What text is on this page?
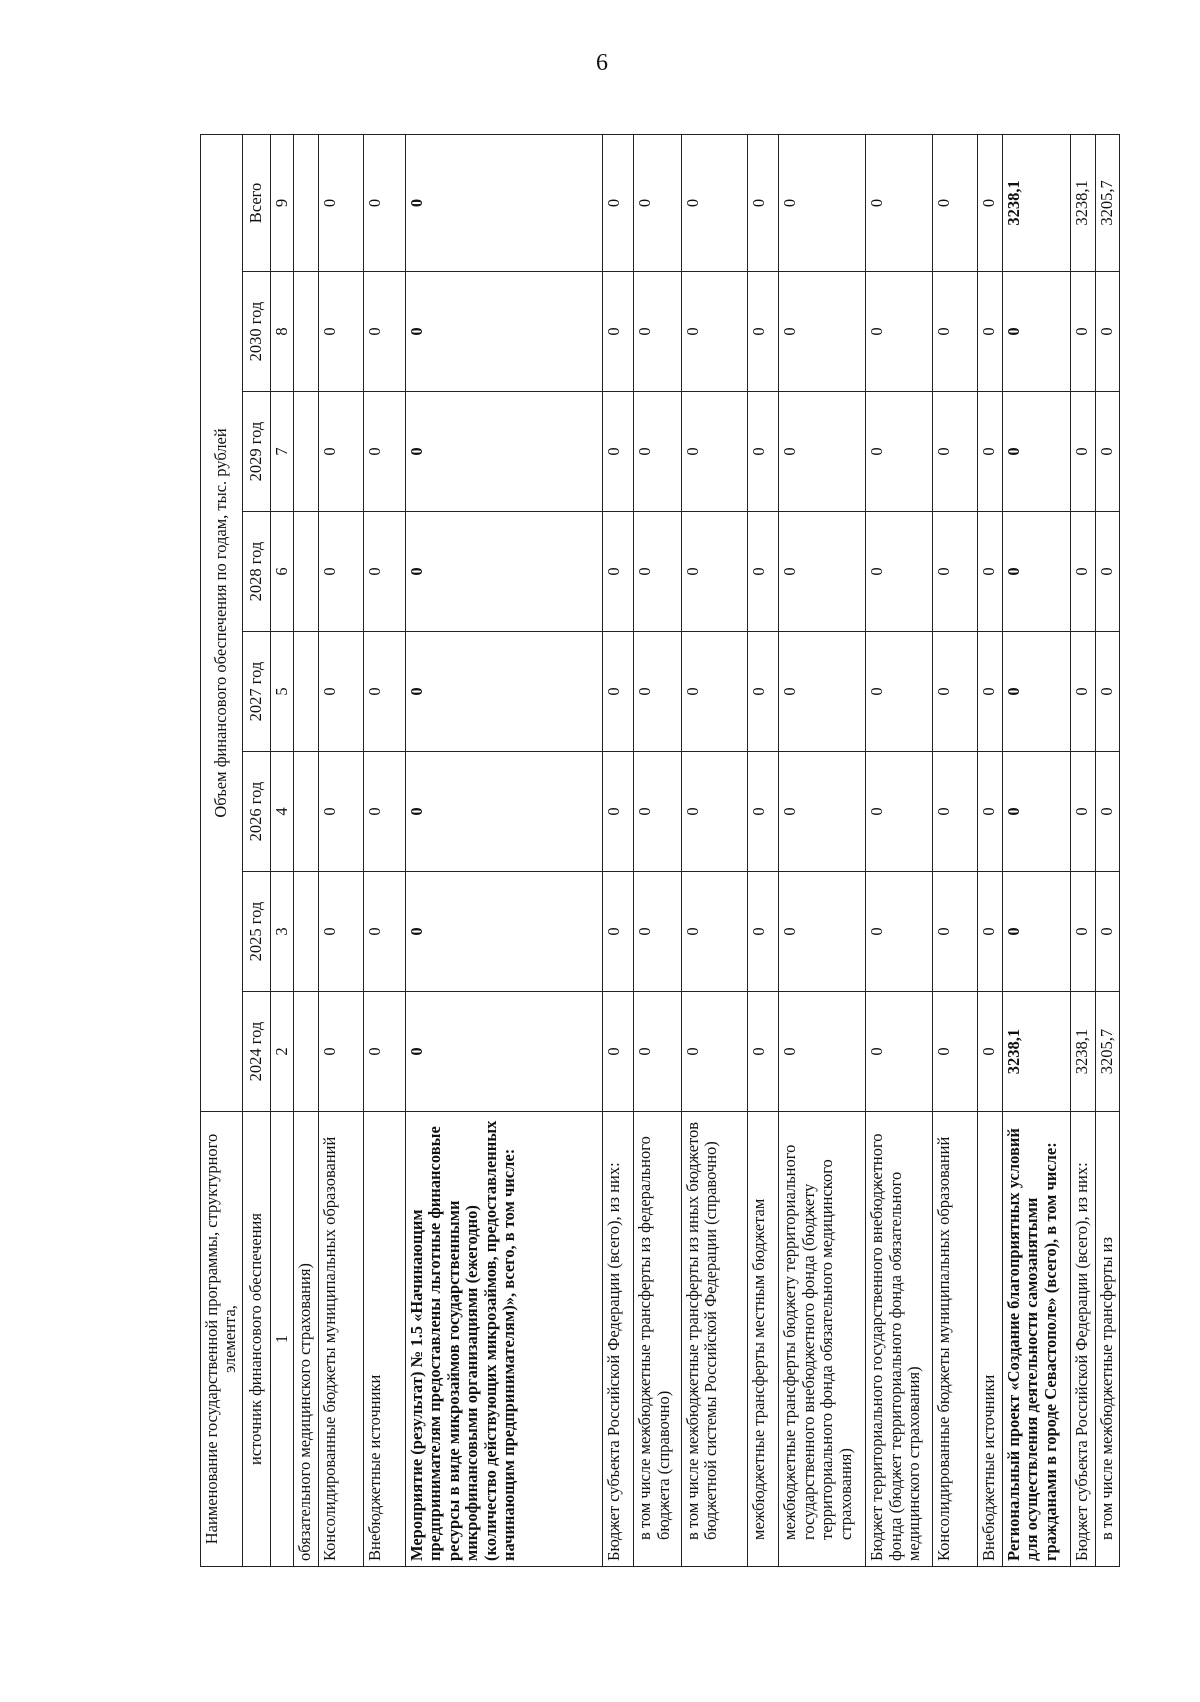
6
Наименование государственной программы, структурного элемента,	Объем финансового обеспечения по годам, тыс. рублей							
источник финансового обеспечения	2024 год	2025 год	2026 год	2027 год	2028 год	2029 год	2030 год	Всего
1	2	3	4	5	6	7	8	9
обязательного медицинского страхования)								
Консолидированные бюджеты муниципальных образований	0	0	0	0	0	0	0	0
Внебюджетные источники	0	0	0	0	0	0	0	0
Мероприятие (результат) № 1.5 «Начинающим предпринимателям предоставлены льготные финансовые ресурсы в виде микрозаймов государственными микрофинансовыми организациями (ежегодно) (количество действующих микрозаймов, предоставленных начинающим предпринимателям)», всего, в том числе:	0	0	0	0	0	0	0	0
Бюджет субъекта Российской Федерации (всего), из них:	0	0	0	0	0	0	0	0
в том числе межбюджетные трансферты из федерального бюджета (справочно)	0	0	0	0	0	0	0	0
в том числе межбюджетные трансферты из иных бюджетов бюджетной системы Российской Федерации (справочно)	0	0	0	0	0	0	0	0
межбюджетные трансферты местным бюджетам	0	0	0	0	0	0	0	0
межбюджетные трансферты бюджету территориального государственного внебюджетного фонда (бюджету территориального фонда обязательного медицинского страхования)	0	0	0	0	0	0	0	0
Бюджет территориального государственного внебюджетного фонда (бюджет территориального фонда обязательного медицинского страхования)	0	0	0	0	0	0	0	0
Консолидированные бюджеты муниципальных образований	0	0	0	0	0	0	0	0
Внебюджетные источники	0	0	0	0	0	0	0	0
Региональный проект «Создание благоприятных условий для осуществления деятельности самозанятыми гражданами в городе Севастополе» (всего), в том числе:	3238,1	0	0	0	0	0	0	3238,1
Бюджет субъекта Российской Федерации (всего), из них:	3238,1	0	0	0	0	0	0	3238,1
в том числе межбюджетные трансферты из	3205,7	0	0	0	0	0	0	3205,7
